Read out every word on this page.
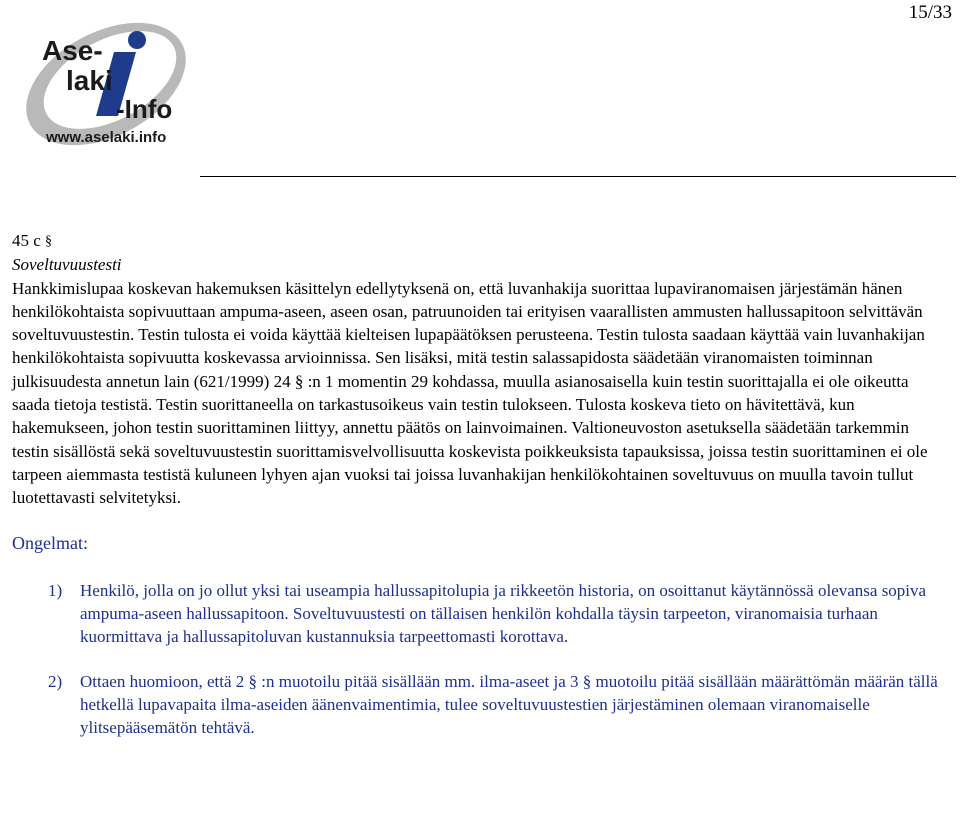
15/33
Ase-
laki
-Info
www.aselaki.info

45 c §

Soveltuvuustesti

Hankkimislupaa koskevan hakemuksen käsittelyn edellytyksenä on, että luvanhakija suorittaa lupaviranomaisen järjestämän hänen henkilökohtaista sopivuuttaan ampuma-aseen, aseen osan, patruunoiden tai erityisen vaarallisten ammusten hallussapitoon selvittävän soveltuvuustestin. Testin tulosta ei voida käyttää kielteisen lupapäätöksen perusteena. Testin tulosta saadaan käyttää vain luvanhakijan henkilökohtaista sopivuutta koskevassa arvioinnissa. Sen lisäksi, mitä testin salassapidosta säädetään viranomaisten toiminnan julkisuudesta annetun lain (621/1999) 24 § :n 1 momentin 29 kohdassa, muulla asianosaisella kuin testin suorittajalla ei ole oikeutta saada tietoja testistä. Testin suorittaneella on tarkastusoikeus vain testin tulokseen. Tulosta koskeva tieto on hävitettävä, kun hakemukseen, johon testin suorittaminen liittyy, annettu päätös on lainvoimainen. Valtioneuvoston asetuksella säädetään tarkemmin testin sisällöstä sekä soveltuvuustestin suorittamisvelvollisuutta koskevista poikkeuksista tapauksissa, joissa testin suorittaminen ei ole tarpeen aiemmasta testistä kuluneen lyhyen ajan vuoksi tai joissa luvanhakijan henkilökohtainen soveltuvuus on muulla tavoin tullut luotettavasti selvitetyksi.

Ongelmat:

1) Henkilö, jolla on jo ollut yksi tai useampia hallussapitolupia ja rikkeetön historia, on osoittanut käytännössä olevansa sopiva ampuma-aseen hallussapitoon. Soveltuvuustesti on tällaisen henkilön kohdalla täysin tarpeeton, viranomaisia turhaan kuormittava ja hallussapitoluvan kustannuksia tarpeettomasti korottava.
2) Ottaen huomioon, että 2 § :n muotoilu pitää sisällään mm. ilma-aseet ja 3 § muotoilu pitää sisällään määrättömän määrän tällä hetkellä lupavapaita ilma-aseiden äänenvaimentimia, tulee soveltuvuustestien järjestäminen olemaan viranomaiselle ylitsepääsemätön tehtävä.
